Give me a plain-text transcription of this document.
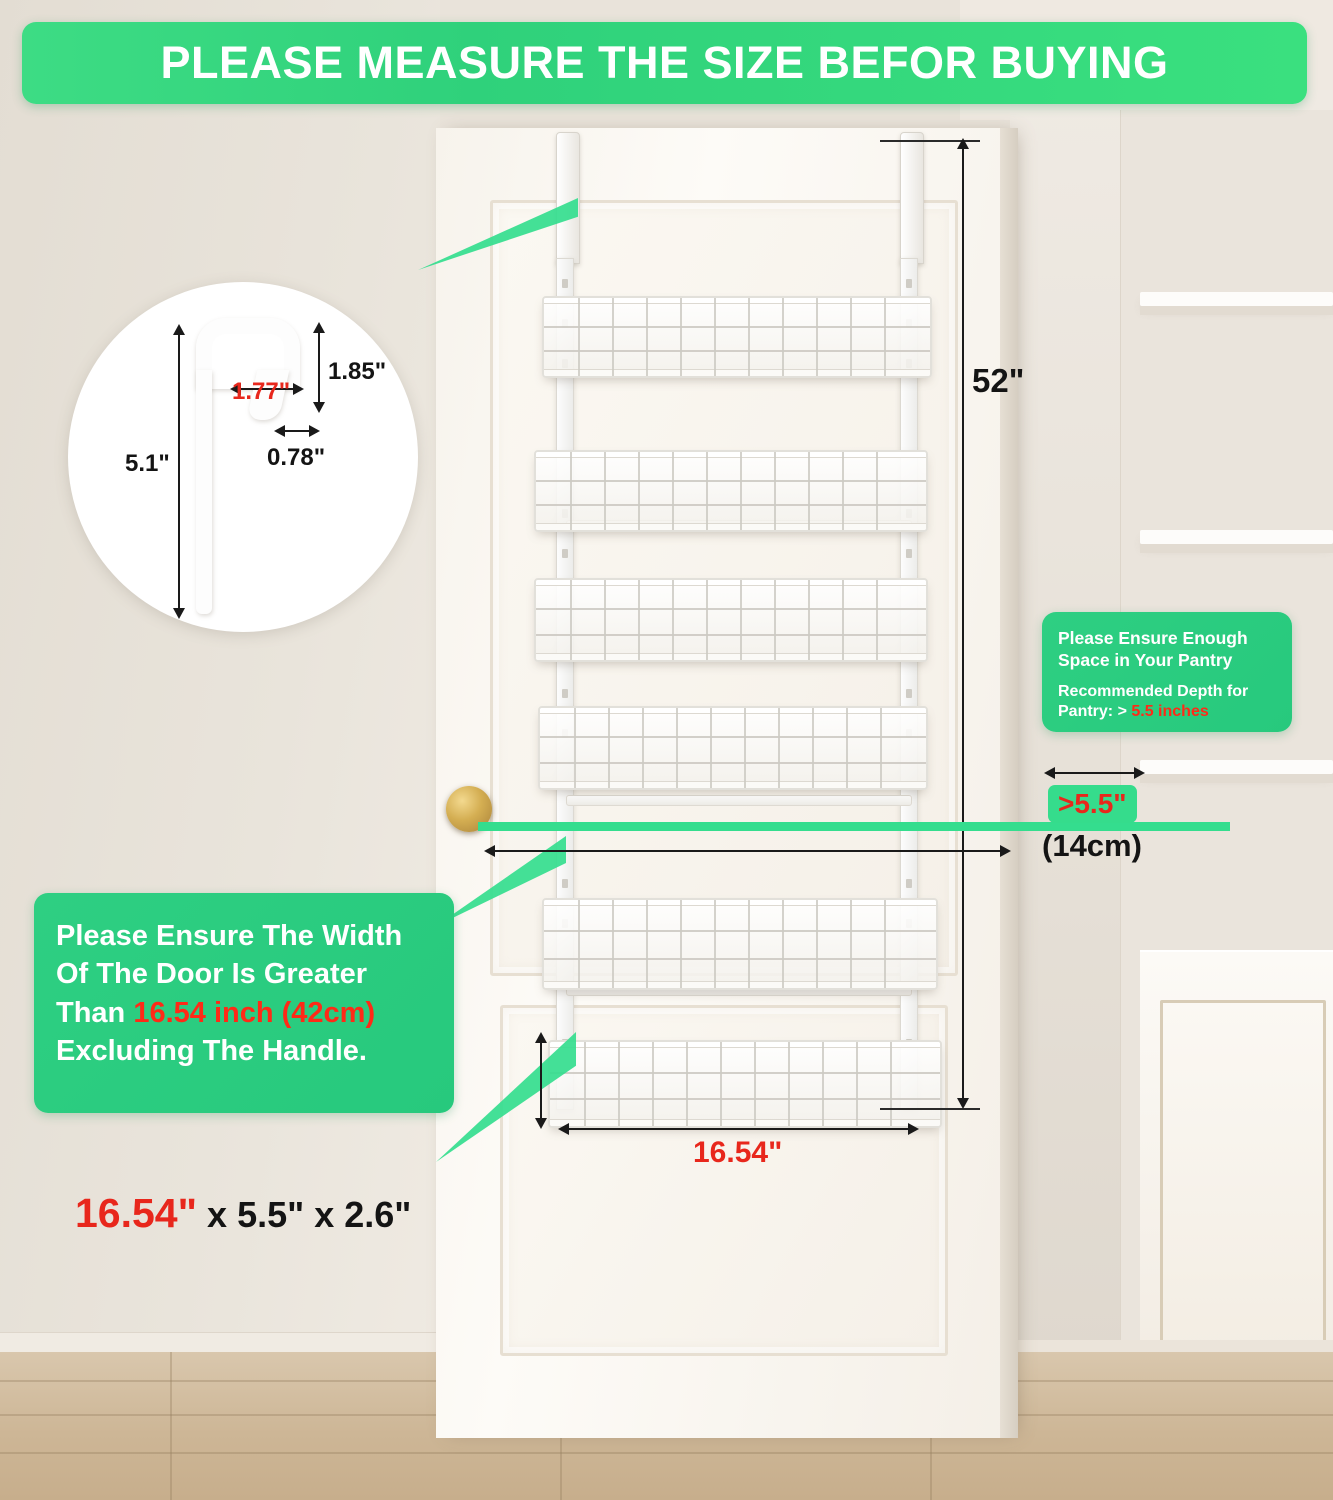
PLEASE MEASURE THE SIZE BEFOR BUYING
1.77"
1.85"
0.78"
5.1"
52"
>5.5"
(14cm)
Please Ensure Enough
Space in Your Pantry
Recommended Depth for
Pantry: > 5.5 inches

Please Ensure The Width
Of The Door Is Greater
Than 16.54 inch (42cm)
Excluding The Handle.

16.54"
16.54" x 5.5" x 2.6"
